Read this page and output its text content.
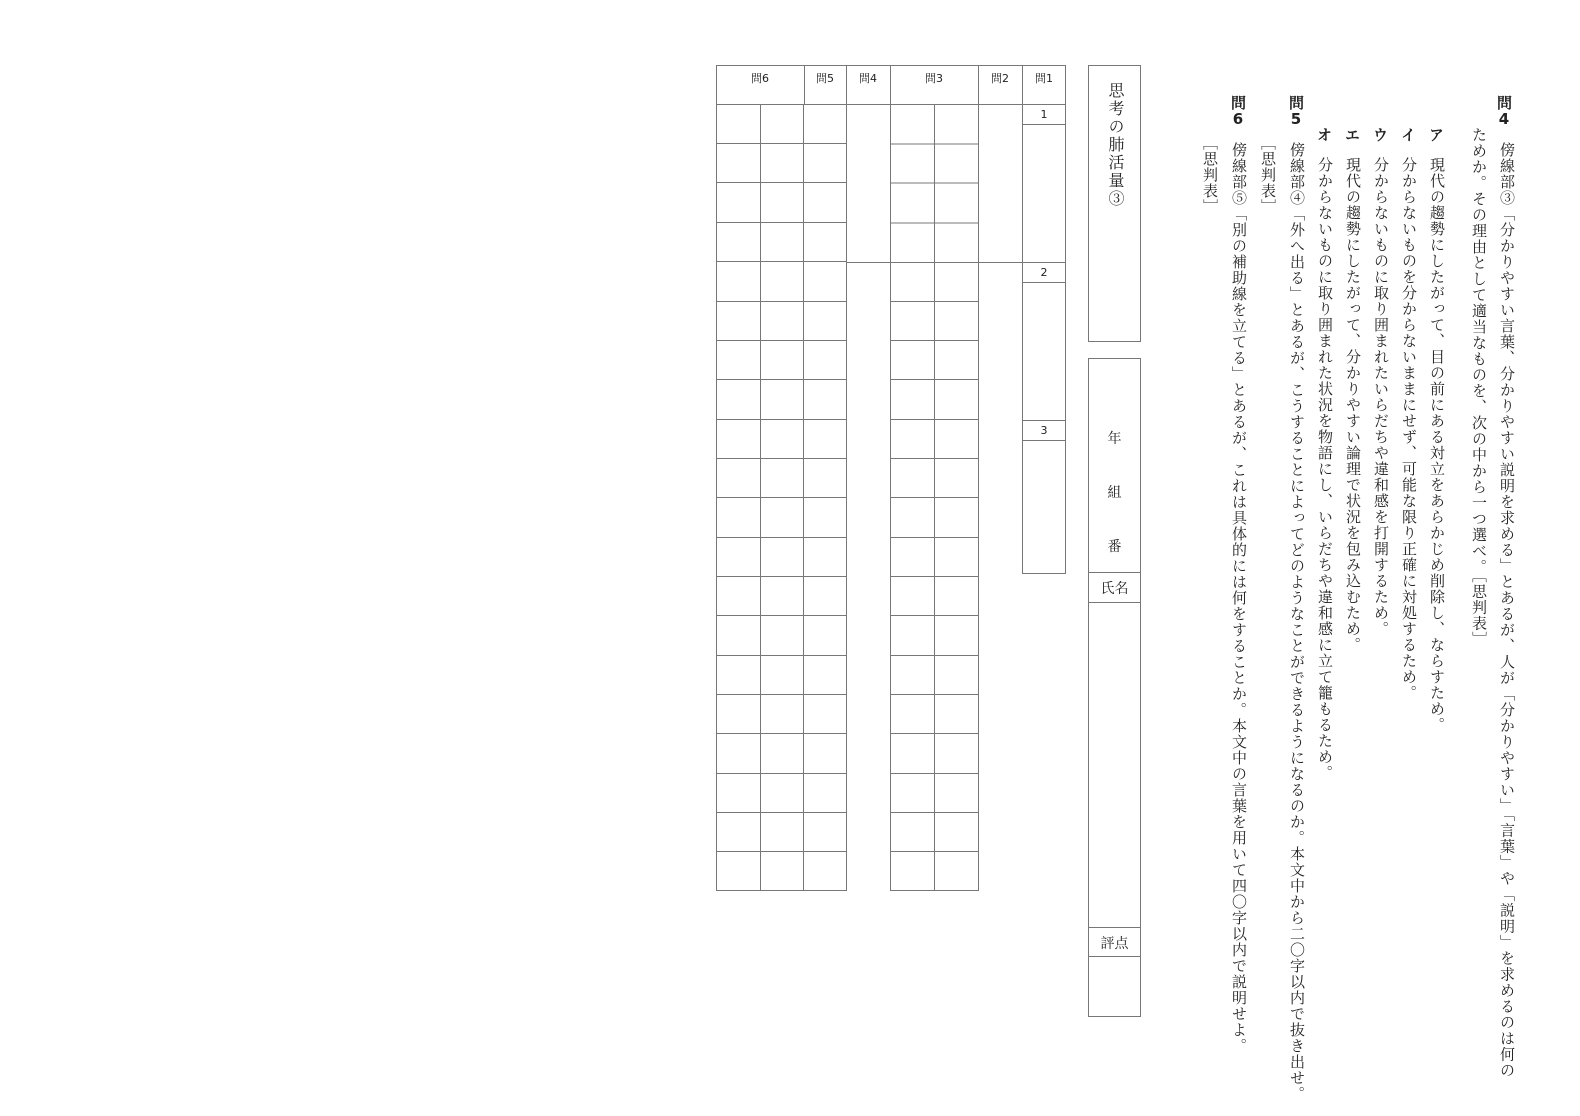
問4
傍線部③「分かりやすい言葉、分かりやすい説明を求める」とあるが、人が「分かりやすい」「言葉」や「説明」を求めるのは何の
ためか。その理由として適当なものを、次の中から一つ選べ。［思判表］
ア
現代の趨勢にしたがって、目の前にある対立をあらかじめ削除し、ならすため。
イ
分からないものを分からないままにせず、可能な限り正確に対処するため。
ウ
分からないものに取り囲まれたいらだちや違和感を打開するため。
エ
現代の趨勢にしたがって、分かりやすい論理で状況を包み込むため。
オ
分からないものに取り囲まれた状況を物語にし、いらだちや違和感に立て籠もるため。
問5
傍線部④「外へ出る」とあるが、こうすることによってどのようなことができるようになるのか。本文中から二〇字以内で抜き出せ。
［思判表］
問6
傍線部⑤「別の補助線を立てる」とあるが、これは具体的には何をすることか。本文中の言葉を用いて四〇字以内で説明せよ。
［思判表］
思考の肺活量③
年
組
番
氏名
評点
問1
問2
問3
問4
問5
問6
1
2
3
